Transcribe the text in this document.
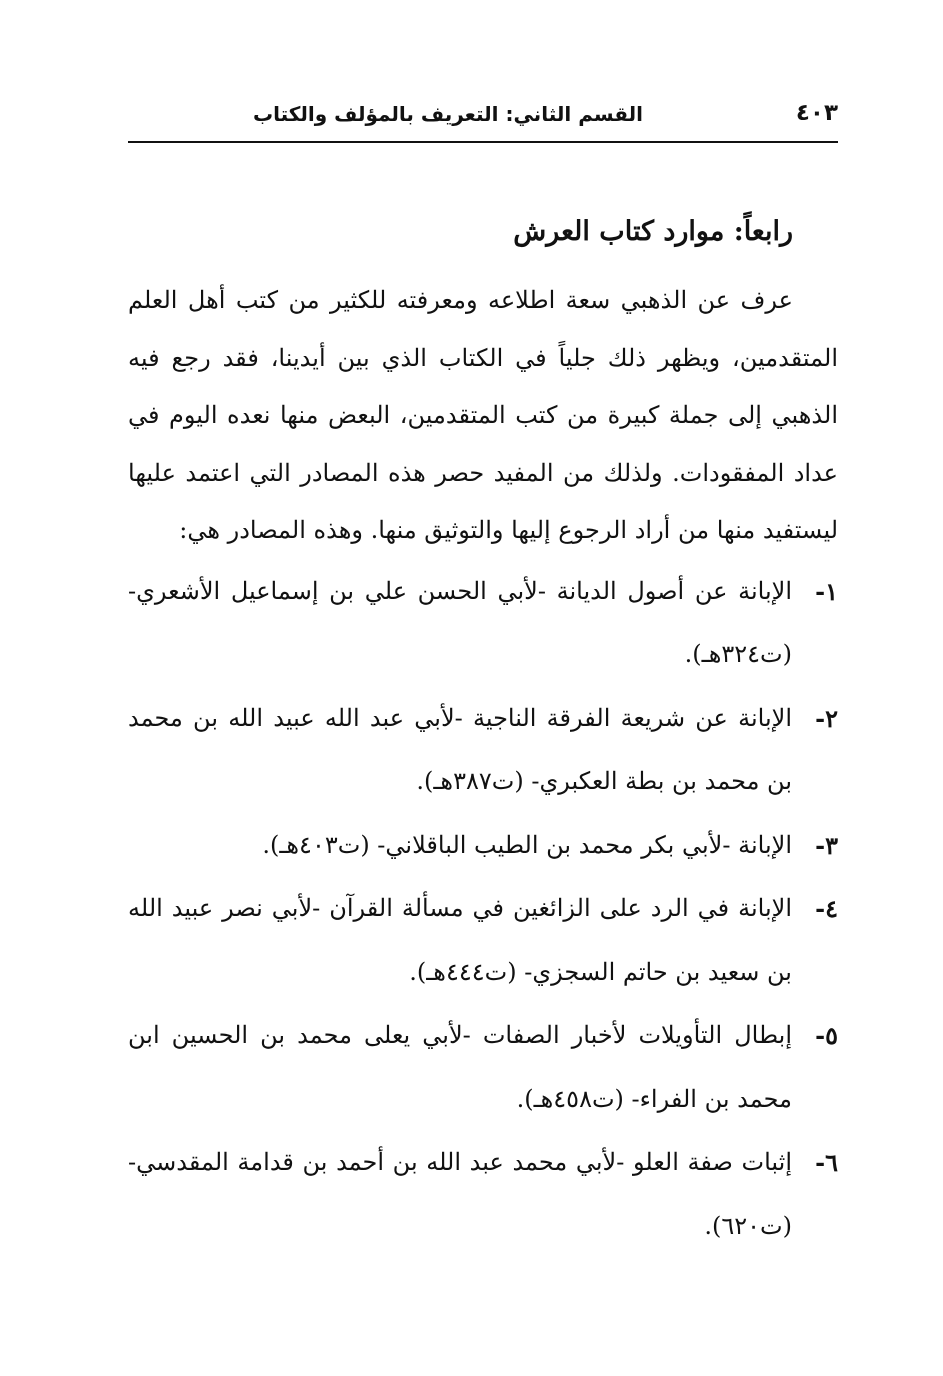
٤٠٣
القسم الثاني: التعريف بالمؤلف والكتاب
رابعاً: موارد كتاب العرش

عرف عن الذهبي سعة اطلاعه ومعرفته للكثير من كتب أهل العلم المتقدمين، ويظهر ذلك جلياً في الكتاب الذي بين أيدينا، فقد رجع فيه الذهبي إلى جملة كبيرة من كتب المتقدمين، البعض منها نعده اليوم في عداد المفقودات. ولذلك من المفيد حصر هذه المصادر التي اعتمد عليها ليستفيد منها من أراد الرجوع إليها والتوثيق منها. وهذه المصادر هي:

١-
الإبانة عن أصول الديانة -لأبي الحسن علي بن إسماعيل الأشعري- (ت٣٢٤هـ).
٢-
الإبانة عن شريعة الفرقة الناجية -لأبي عبد الله عبيد الله بن محمد بن محمد بن بطة العكبري- (ت٣٨٧هـ).
٣-
الإبانة -لأبي بكر محمد بن الطيب الباقلاني- (ت٤٠٣هـ).
٤-
الإبانة في الرد على الزائغين في مسألة القرآن -لأبي نصر عبيد الله بن سعيد بن حاتم السجزي- (ت٤٤٤هـ).
٥-
إبطال التأويلات لأخبار الصفات -لأبي يعلى محمد بن الحسين ابن محمد بن الفراء- (ت٤٥٨هـ).
٦-
إثبات صفة العلو -لأبي محمد عبد الله بن أحمد بن قدامة المقدسي- (ت٦٢٠).
